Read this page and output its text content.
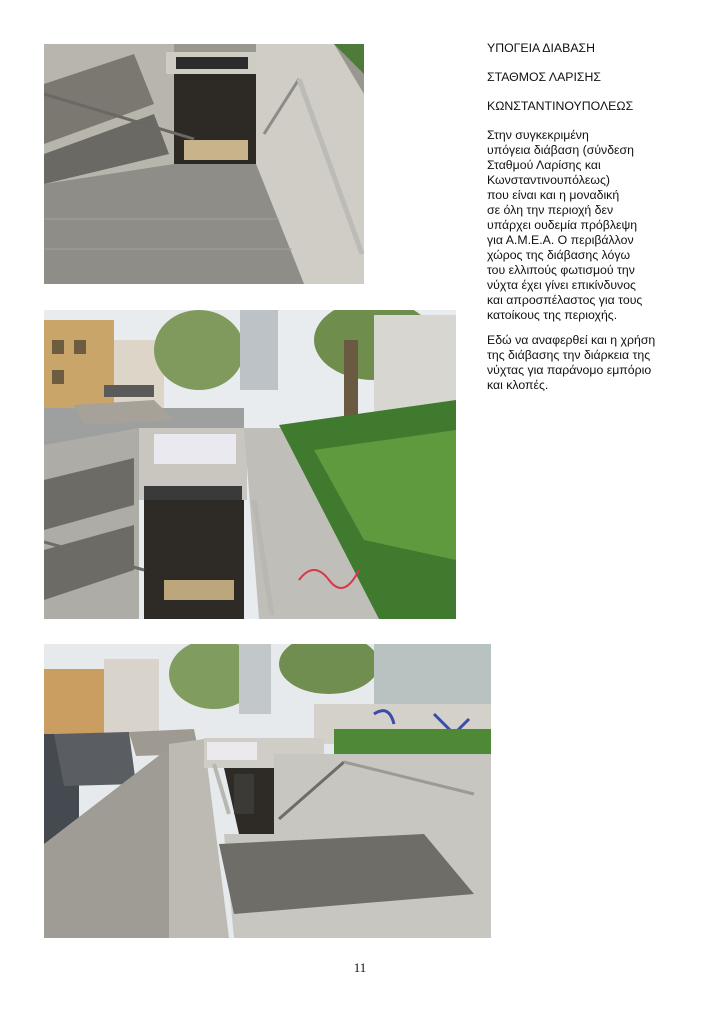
ΥΠΟΓΕΙΑ ΔΙΑΒΑΣΗ
ΣΤΑΘΜΟΣ ΛΑΡΙΣΗΣ
ΚΩΝΣΤΑΝΤΙΝΟΥΠΟΛΕΩΣ
Στην συγκεκριμένη
υπόγεια διάβαση (σύνδεση
Σταθμού Λαρίσης και
Κωνσταντινουπόλεως)
που είναι και η μοναδική
σε όλη την περιοχή δεν
υπάρχει ουδεμία πρόβλεψη
για Α.Μ.Ε.Α. Ο περιβάλλον
χώρος της διάβασης λόγω
του ελλιπούς φωτισμού την
νύχτα έχει γίνει επικίνδυνος
και απροσπέλαστος για τους
κατοίκους της περιοχής.
Εδώ να αναφερθεί και η χρήση
της διάβασης την διάρκεια της
νύχτας για παράνομο εμπόριο
και κλοπές.
11
